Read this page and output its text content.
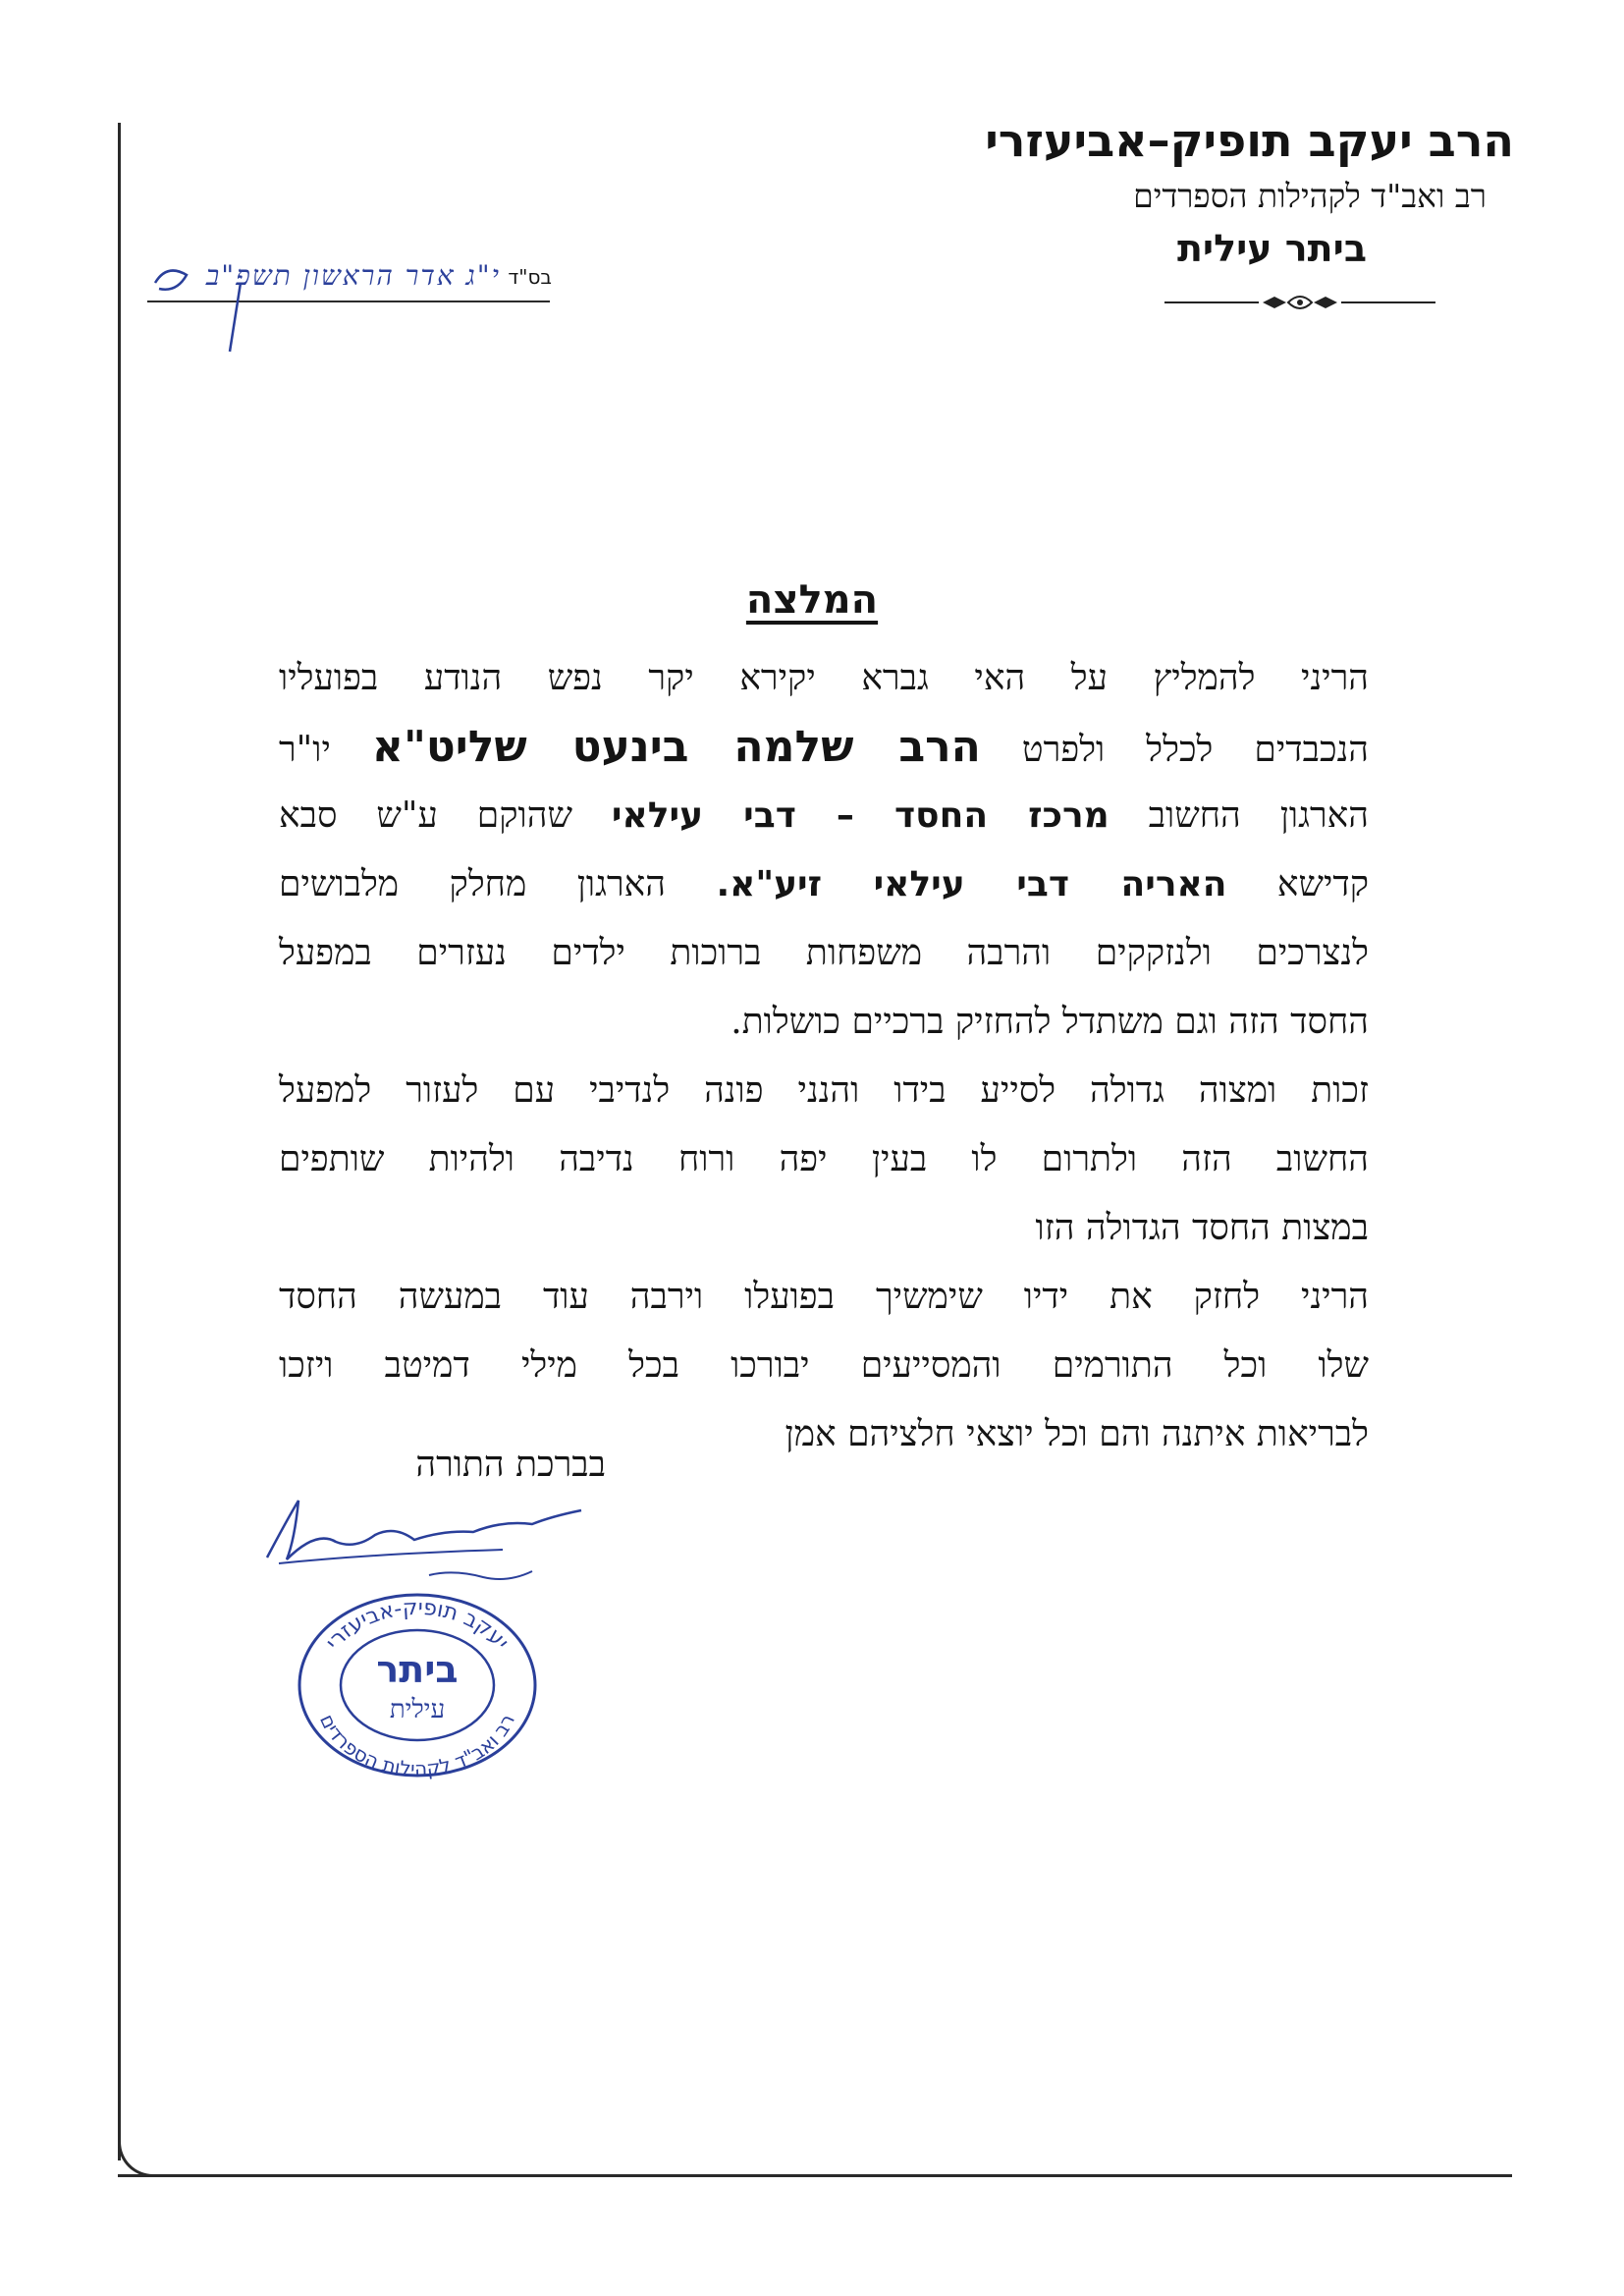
הרב יעקב תופיק–אביעזרי
רב ואב"ד לקהילות הספרדים
ביתר עילית
בס"ד
י"ג אדר הראשון תשפ"ב
המלצה
הריני להמליץ על האי גברא יקירא יקר נפש הנודע בפועליו
הנכבדים לכלל ולפרט הרב שלמה בינעט שליט"א יו"ר
הארגון החשוב מרכז החסד – דבי עילאי שהוקם ע"ש סבא
קדישא האריה דבי עילאי זיע"א. הארגון מחלק מלבושים
לנצרכים ולנזקקים והרבה משפחות ברוכות ילדים נעזרים במפעל
החסד הזה וגם משתדל להחזיק ברכיים כושלות.
זכות ומצוה גדולה לסייע בידו והנני פונה לנדיבי עם לעזור למפעל
החשוב הזה ולתרום לו בעין יפה ורוח נדיבה ולהיות שותפים
במצות החסד הגדולה הזו
הריני לחזק את ידיו שימשיך בפועלו וירבה עוד במעשה החסד
שלו וכל התורמים והמסייעים יבורכו בכל מילי דמיטב ויזכו
לבריאות איתנה והם וכל יוצאי חלציהם אמן
בברכת התורה
יעקב תופיק-אביעזרי
רב ואב"ד לקהילות הספרדים
ביתר
עילית
